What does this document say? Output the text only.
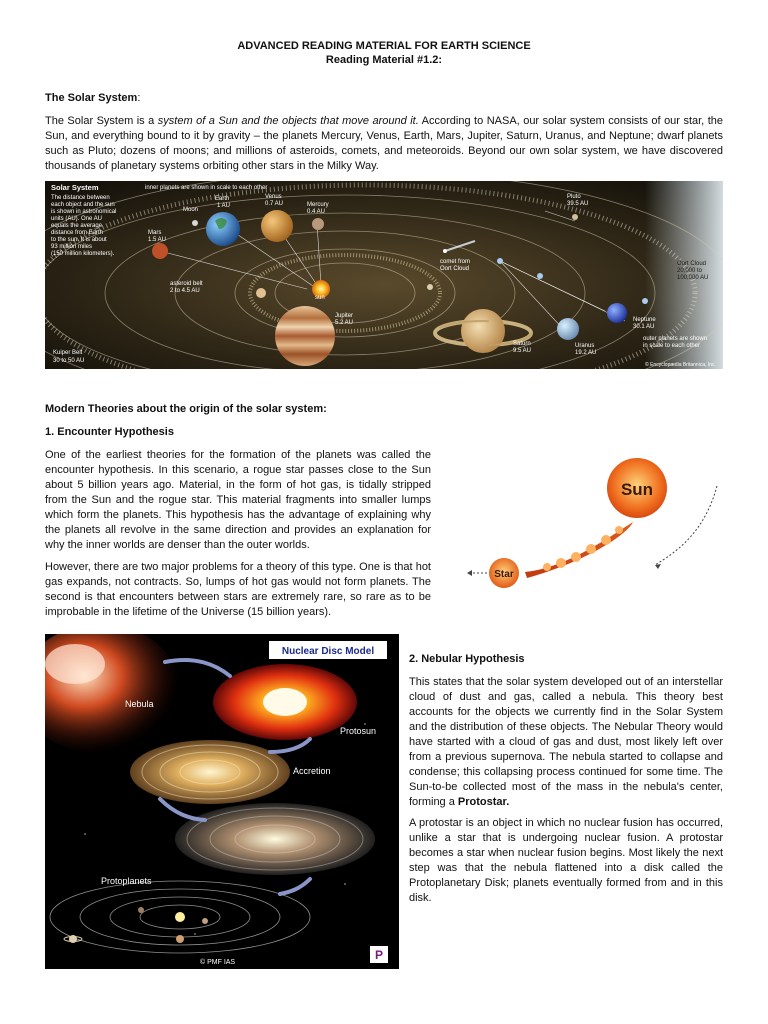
ADVANCED READING MATERIAL FOR EARTH SCIENCE
Reading Material #1.2:
The Solar System:

The Solar System is a system of a Sun and the objects that move around it. According to NASA, our solar system consists of our star, the Sun, and everything bound to it by gravity – the planets Mercury, Venus, Earth, Mars, Jupiter, Saturn, Uranus, and Neptune; dwarf planets such as Pluto; dozens of moons; and millions of asteroids, comets, and meteoroids. Beyond our own solar system, we have discovered thousands of planetary systems orbiting other stars in the Milky Way.

Solar System
The distance between
each object and the sun
is shown in astronomical
units (AU). One AU
equals the average
distance from Earth
to the sun. It is about
93 million miles
(150 million kilometers).
inner planets are shown in scale to each other
Moon
Earth
1 AU
Venus
0.7 AU	Mercury
0.4 AU
Mars
1.5 AU
asteroid belt
2 to 4.5 AU
sun
Jupiter
5.2 AU
comet from
Oort Cloud
Pluto
39.5 AU
Oort Cloud
20,000 to
100,000 AU
Saturn
9.5 AU
Uranus
19.2 AU
Neptune
30.1 AU
outer planets are shown
in scale to each other
Kuiper Belt
30 to 50 AU
© Encyclopædia Britannica, Inc.
Modern Theories about the origin of the solar system:
1. Encounter Hypothesis

One of the earliest theories for the formation of the planets was called the encounter hypothesis. In this scenario, a rogue star passes close to the Sun about 5 billion years ago. Material, in the form of hot gas, is tidally stripped from the Sun and the rogue star. This material fragments into smaller lumps which form the planets. This hypothesis has the advantage of explaining why the planets all revolve in the same direction and provides an explanation for why the inner worlds are denser than the outer worlds.

However, there are two major problems for a theory of this type. One is that hot gas expands, not contracts. So, lumps of hot gas would not form planets. The second is that encounters between stars are extremely rare, so rare as to be improbable in the lifetime of the Universe (15 billion years).

Sun
Star
Nuclear Disc Model
Nebula
Protosun
Accretion
Protoplanets
© PMF IAS
P
2. Nebular Hypothesis

This states that the solar system developed out of an interstellar cloud of dust and gas, called a nebula. This theory best accounts for the objects we currently find in the Solar System and the distribution of these objects. The Nebular Theory would have started with a cloud of gas and dust, most likely left over from a previous supernova. The nebula started to collapse and condense; this collapsing process continued for some time. The Sun-to-be collected most of the mass in the nebula's center, forming a Protostar.

A protostar is an object in which no nuclear fusion has occurred, unlike a star that is undergoing nuclear fusion. A protostar becomes a star when nuclear fusion begins. Most likely the next step was that the nebula flattened into a disk called the Protoplanetary Disk; planets eventually formed from and in this disk.
